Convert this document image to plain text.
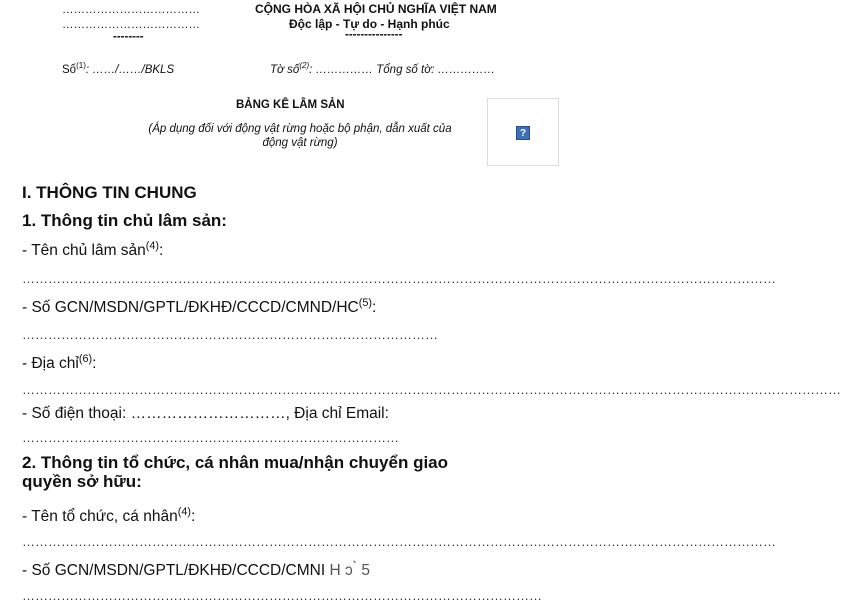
………………………………
………………………………
--------
CỘNG HÒA XÃ HỘI CHỦ NGHĨA VIỆT NAM
Độc lập - Tự do - Hạnh phúc
---------------
Số$^{(1)}$: ……/……/BKLS	Tờ số$^{(2)}$: …………… Tổng số tờ: ……………
BẢNG KÊ LÂM SẢN
(Áp dụng đối với động vật rừng hoặc bộ phận, dẫn xuất của
động vật rừng)
?
I. THÔNG TIN CHUNG
1. Thông tin chủ lâm sản:
- Tên chủ lâm sản$^{(4)}$:
…………………………………………………………………………………………………………………………………………………………
- Số GCN/MSDN/GPTL/ĐKHĐ/CCCD/CMND/HC$^{(5)}$:
……………………………………………………………………………………
- Địa chỉ$^{(6)}$:
………………………………………………………………………………………………………………………………………………………………………
- Số điện thoại: …………………………, Địa chỉ Email:
……………………………………………………………………………
2. Thông tin tổ chức, cá nhân mua/nhận chuyển giao
quyền sở hữu:
- Tên tổ chức, cá nhân$^{(4)}$:
…………………………………………………………………………………………………………………………………………………………
- Số GCN/MSDN/GPTL/ĐKHĐ/CCCD/CMNI H ɔ ̀ 5
…………………………………………………………………………………………………………
